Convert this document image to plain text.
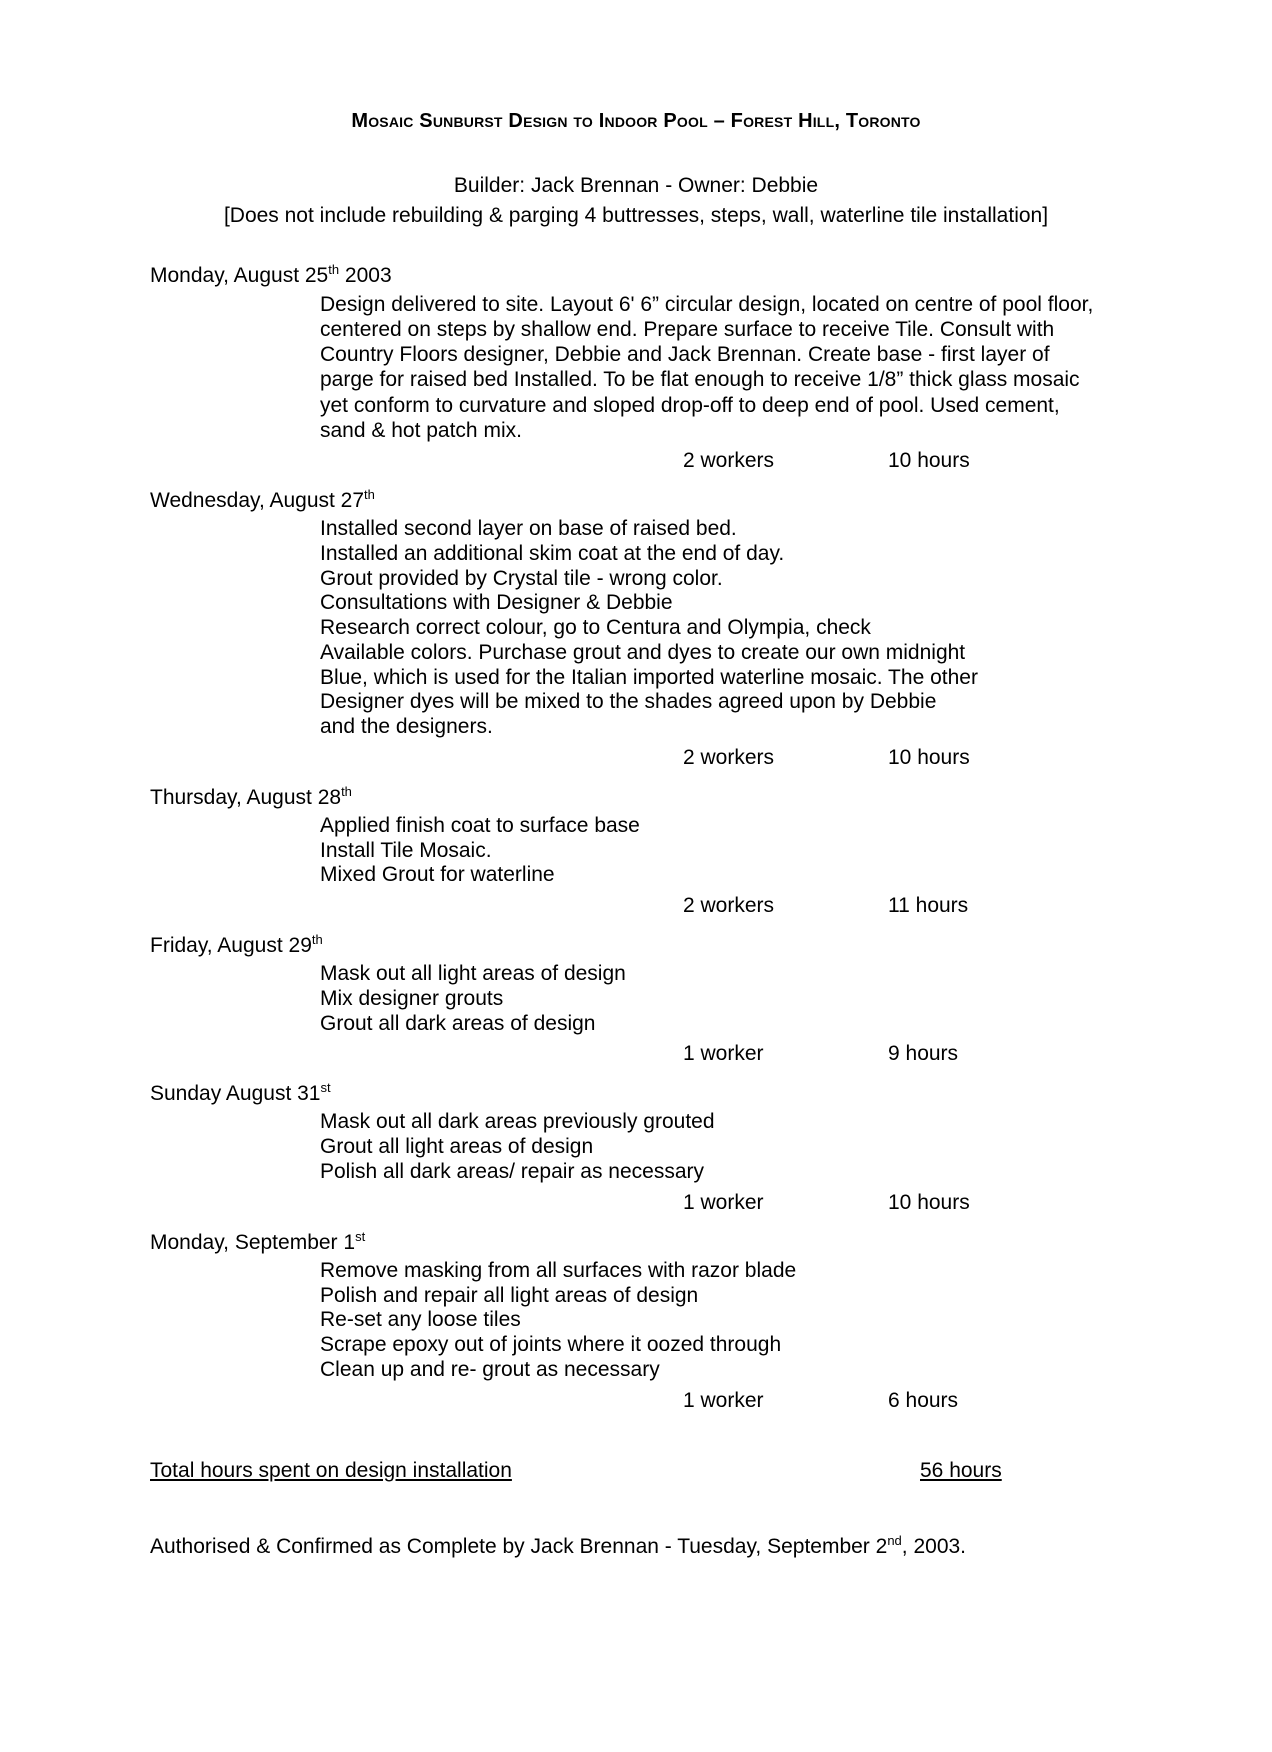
Mosaic Sunburst Design to Indoor Pool – Forest Hill, Toronto
Builder: Jack Brennan - Owner: Debbie
[Does not include rebuilding & parging 4 buttresses, steps, wall, waterline tile installation]
Monday, August 25th 2003
Design delivered to site. Layout 6' 6” circular design, located on centre of pool floor, centered on steps by shallow end. Prepare surface to receive Tile. Consult with Country Floors designer, Debbie and Jack Brennan. Create base - first layer of parge for raised bed Installed. To be flat enough to receive 1/8” thick glass mosaic yet conform to curvature and sloped drop-off to deep end of pool. Used cement, sand & hot patch mix.
2 workers	10 hours
Wednesday, August 27th
Installed second layer on base of raised bed.
Installed an additional skim coat at the end of day.
Grout provided by Crystal tile - wrong color.
Consultations with Designer & Debbie
Research correct colour, go to Centura and Olympia, check
Available colors. Purchase grout and dyes to create our own midnight
Blue, which is used for the Italian imported waterline mosaic. The other
Designer dyes will be mixed to the shades agreed upon by Debbie
and the designers.
2 workers	10 hours
Thursday, August 28th
Applied finish coat to surface base
Install Tile Mosaic.
Mixed Grout for waterline
2 workers	11 hours
Friday, August 29th
Mask out all light areas of design
Mix designer grouts
Grout all dark areas of design
1 worker	9 hours
Sunday August 31st
Mask out all dark areas previously grouted
Grout all light areas of design
Polish all dark areas/ repair as necessary
1 worker	10 hours
Monday, September 1st
Remove masking from all surfaces with razor blade
Polish and repair all light areas of design
Re-set any loose tiles
Scrape epoxy out of joints where it oozed through
Clean up and re- grout as necessary
1 worker	6 hours
Total hours spent on design installation	56 hours
Authorised & Confirmed as Complete by Jack Brennan - Tuesday, September 2nd, 2003.
